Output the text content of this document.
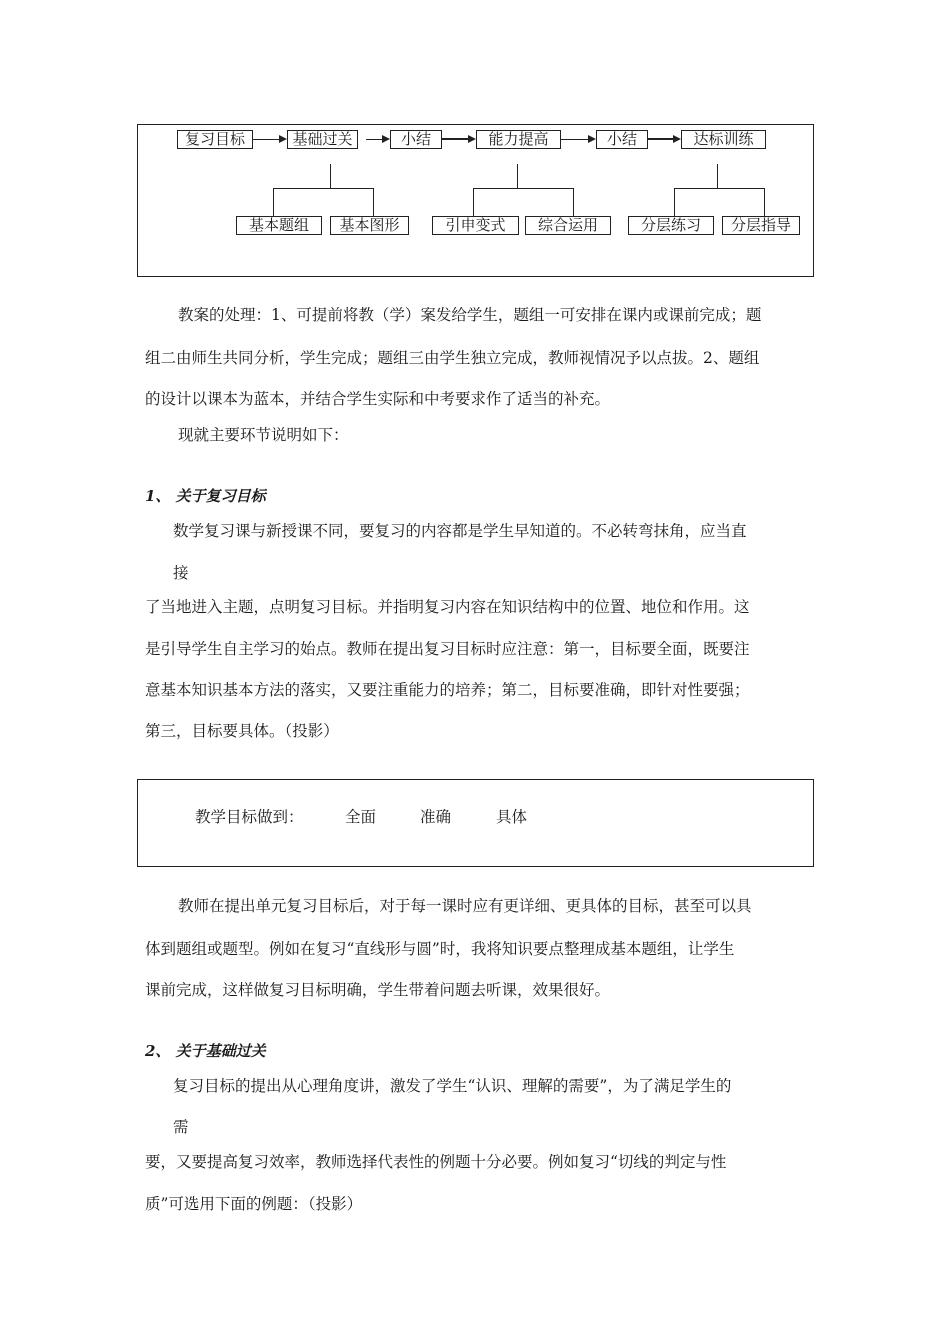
复习目标	基础过关	小结	能力提高	小结	达标训练
基本题组	基本图形	引申变式	综合运用	分层练习	分层指导
教案的处理：1、可提前将教（学）案发给学生，题组一可安排在课内或课前完成；题
组二由师生共同分析，学生完成；题组三由学生独立完成，教师视情况予以点拔。2、题组
的设计以课本为蓝本，并结合学生实际和中考要求作了适当的补充。
现就主要环节说明如下：
1、 关于复习目标
数学复习课与新授课不同，要复习的内容都是学生早知道的。不必转弯抹角，应当直
接
了当地进入主题，点明复习目标。并指明复习内容在知识结构中的位置、地位和作用。这
是引导学生自主学习的始点。教师在提出复习目标时应注意：第一，目标要全面，既要注
意基本知识基本方法的落实，又要注重能力的培养；第二，目标要准确，即针对性要强；
第三，目标要具体。（投影）
教学目标做到：	全面	准确	具体
教师在提出单元复习目标后，对于每一课时应有更详细、更具体的目标，甚至可以具
体到题组或题型。例如在复习“直线形与圆”时，我将知识要点整理成基本题组，让学生
课前完成，这样做复习目标明确，学生带着问题去听课，效果很好。
2、 关于基础过关
复习目标的提出从心理角度讲，激发了学生“认识、理解的需要”，为了满足学生的
需
要，又要提高复习效率，教师选择代表性的例题十分必要。例如复习“切线的判定与性
质”可选用下面的例题：（投影）
